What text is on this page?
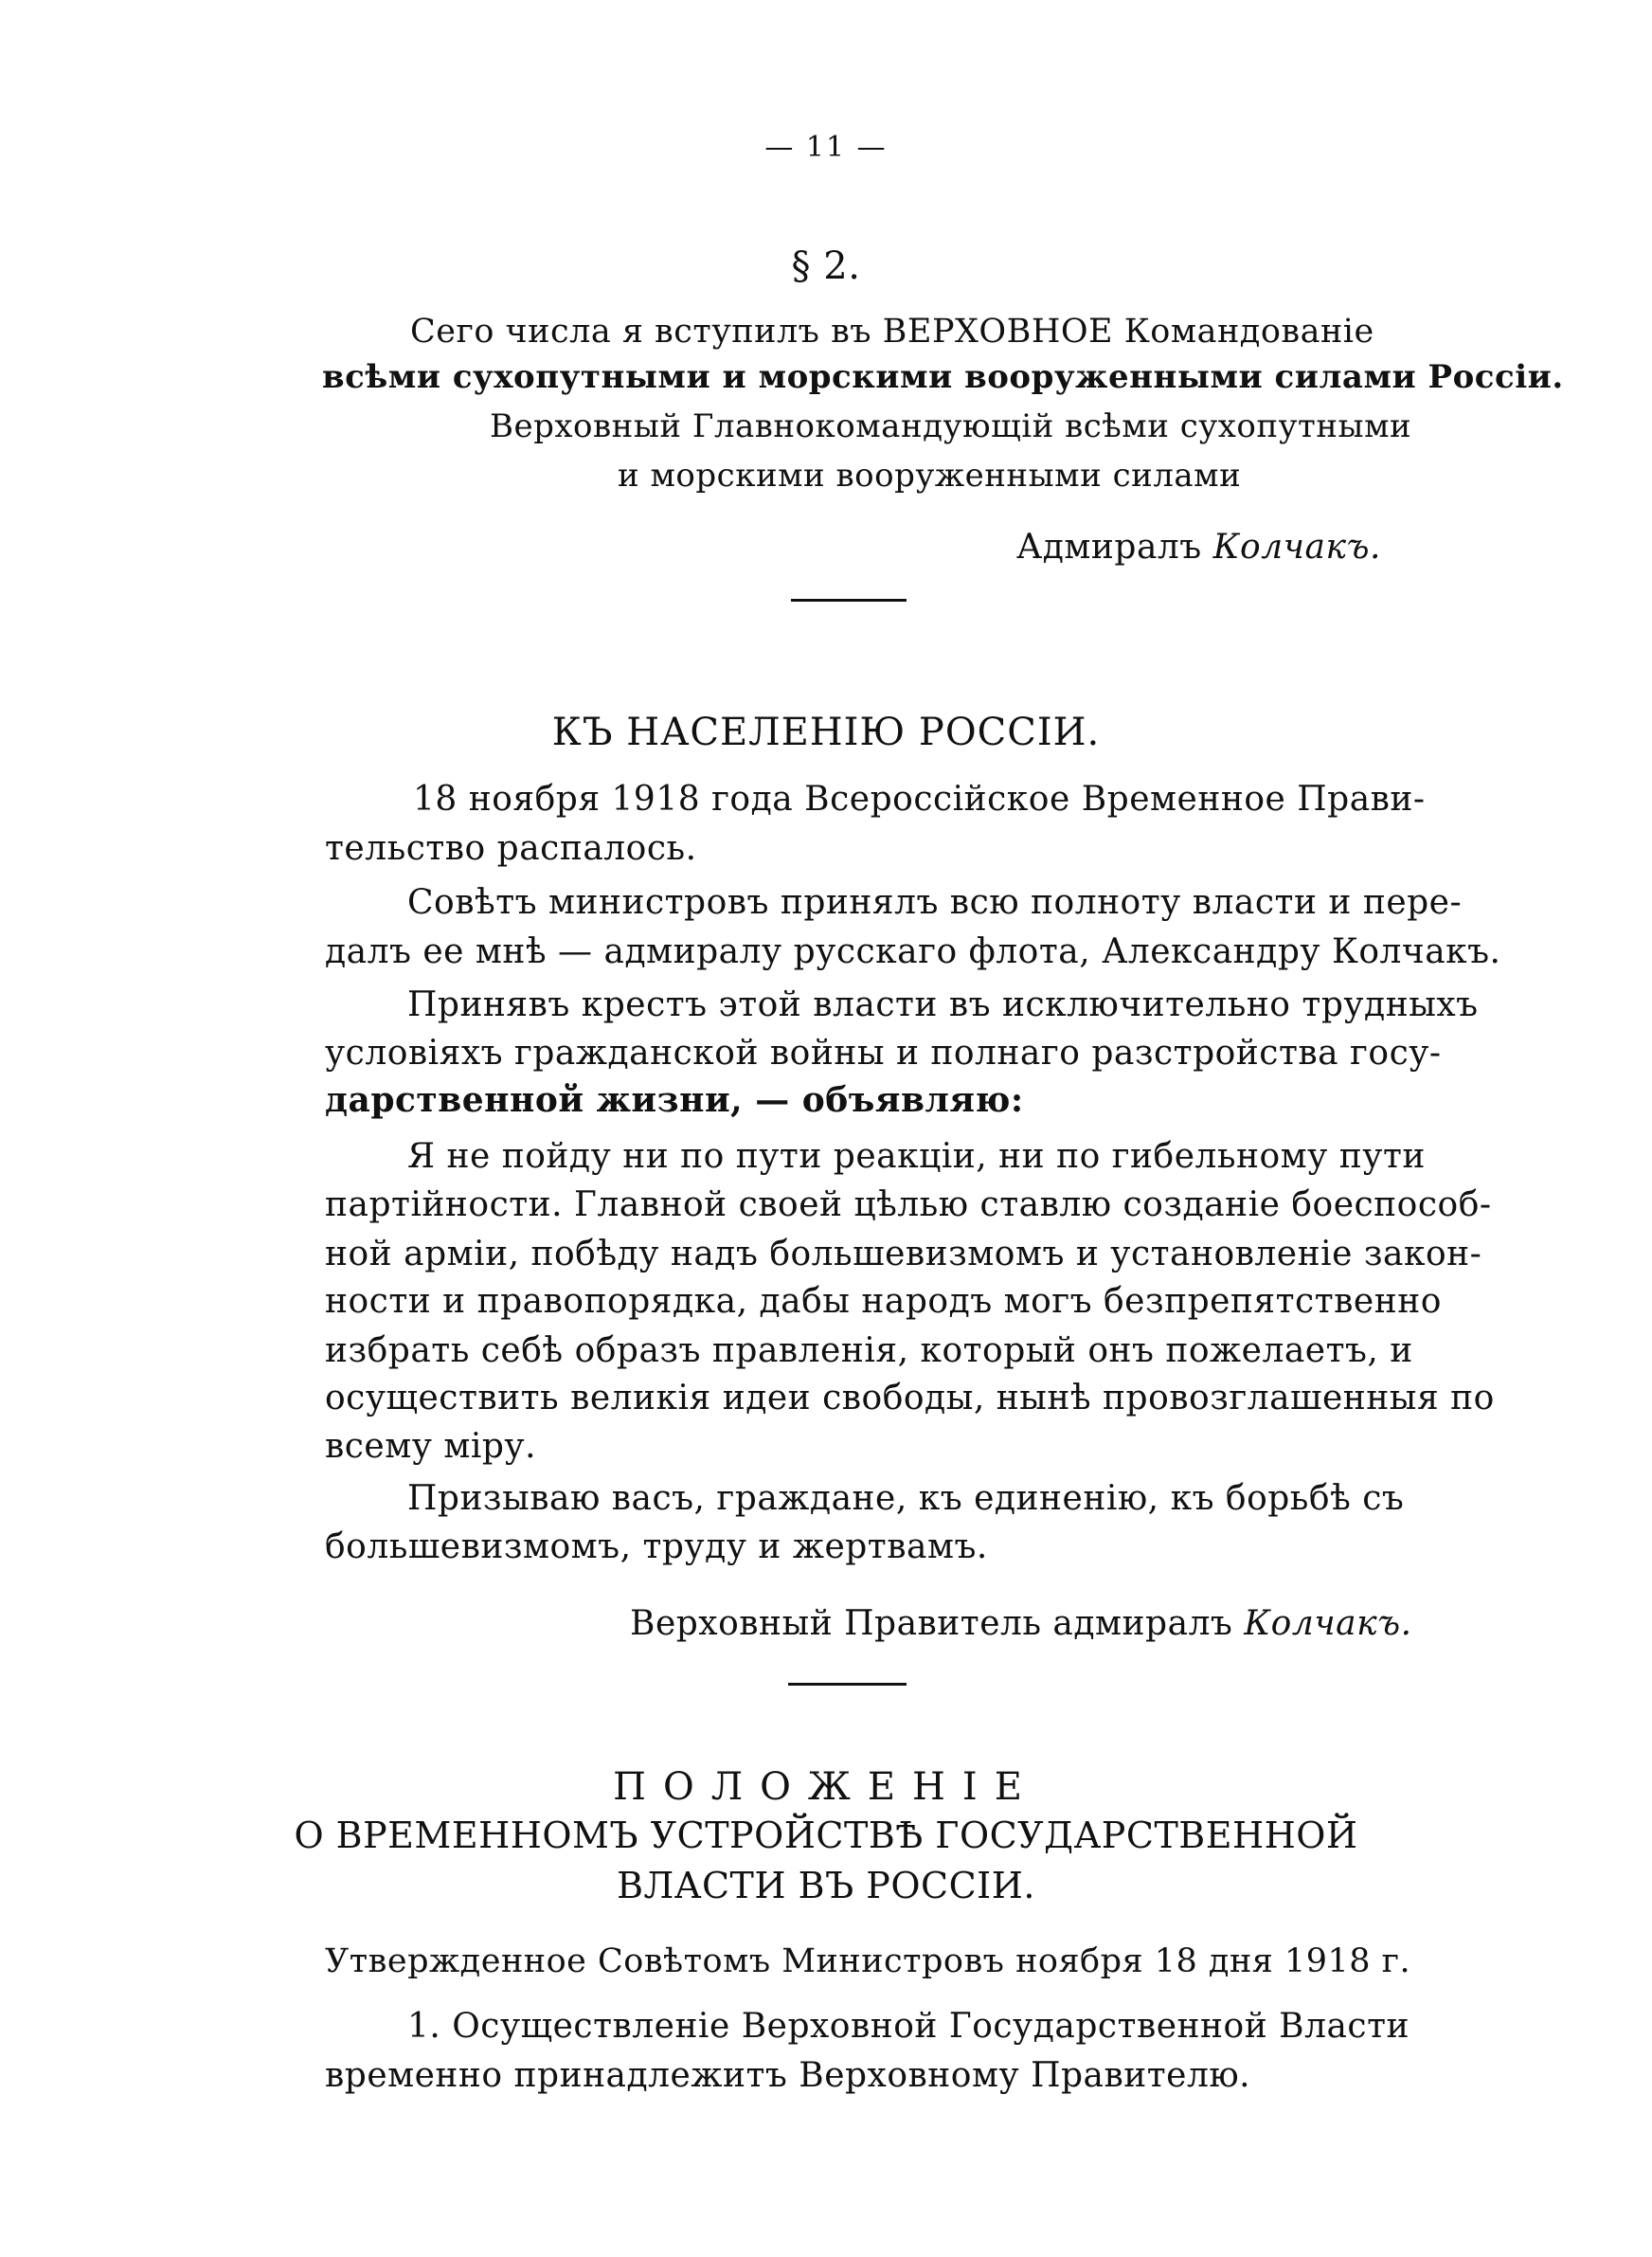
— 11 —
§ 2.
Сего числа я вступилъ въ ВЕРХОВНОЕ Командованіе
всѣми сухопутными и морскими вооруженными силами Россіи.
Верховный Главнокомандующій всѣми сухопутными
и морскими вооруженными силами
Адмиралъ Колчакъ.
КЪ НАСЕЛЕНІЮ РОССІИ.
18 ноября 1918 года Всероссійское Временное Прави-
тельство распалось.
Совѣтъ министровъ принялъ всю полноту власти и пере-
далъ ее мнѣ — адмиралу русскаго флота, Александру Колчакъ.
Принявъ крестъ этой власти въ исключительно трудныхъ
условіяхъ гражданской войны и полнаго разстройства госу-
дарственной жизни, — объявляю:
Я не пойду ни по пути реакціи, ни по гибельному пути
партійности. Главной своей цѣлью ставлю созданіе боеспособ-
ной арміи, побѣду надъ большевизмомъ и установленіе закон-
ности и правопорядка, дабы народъ могъ безпрепятственно
избрать себѣ образъ правленія, который онъ пожелаетъ, и
осуществить великія идеи свободы, нынѣ провозглашенныя по
всему міру.
Призываю васъ, граждане, къ единенію, къ борьбѣ съ
большевизмомъ, труду и жертвамъ.
Верховный Правитель адмиралъ Колчакъ.
ПОЛОЖЕНІЕ
О ВРЕМЕННОМЪ УСТРОЙСТВѢ ГОСУДАРСТВЕННОЙ
ВЛАСТИ ВЪ РОССІИ.
Утвержденное Совѣтомъ Министровъ ноября 18 дня 1918 г.
1. Осуществленіе Верховной Государственной Власти
временно принадлежитъ Верховному Правителю.
